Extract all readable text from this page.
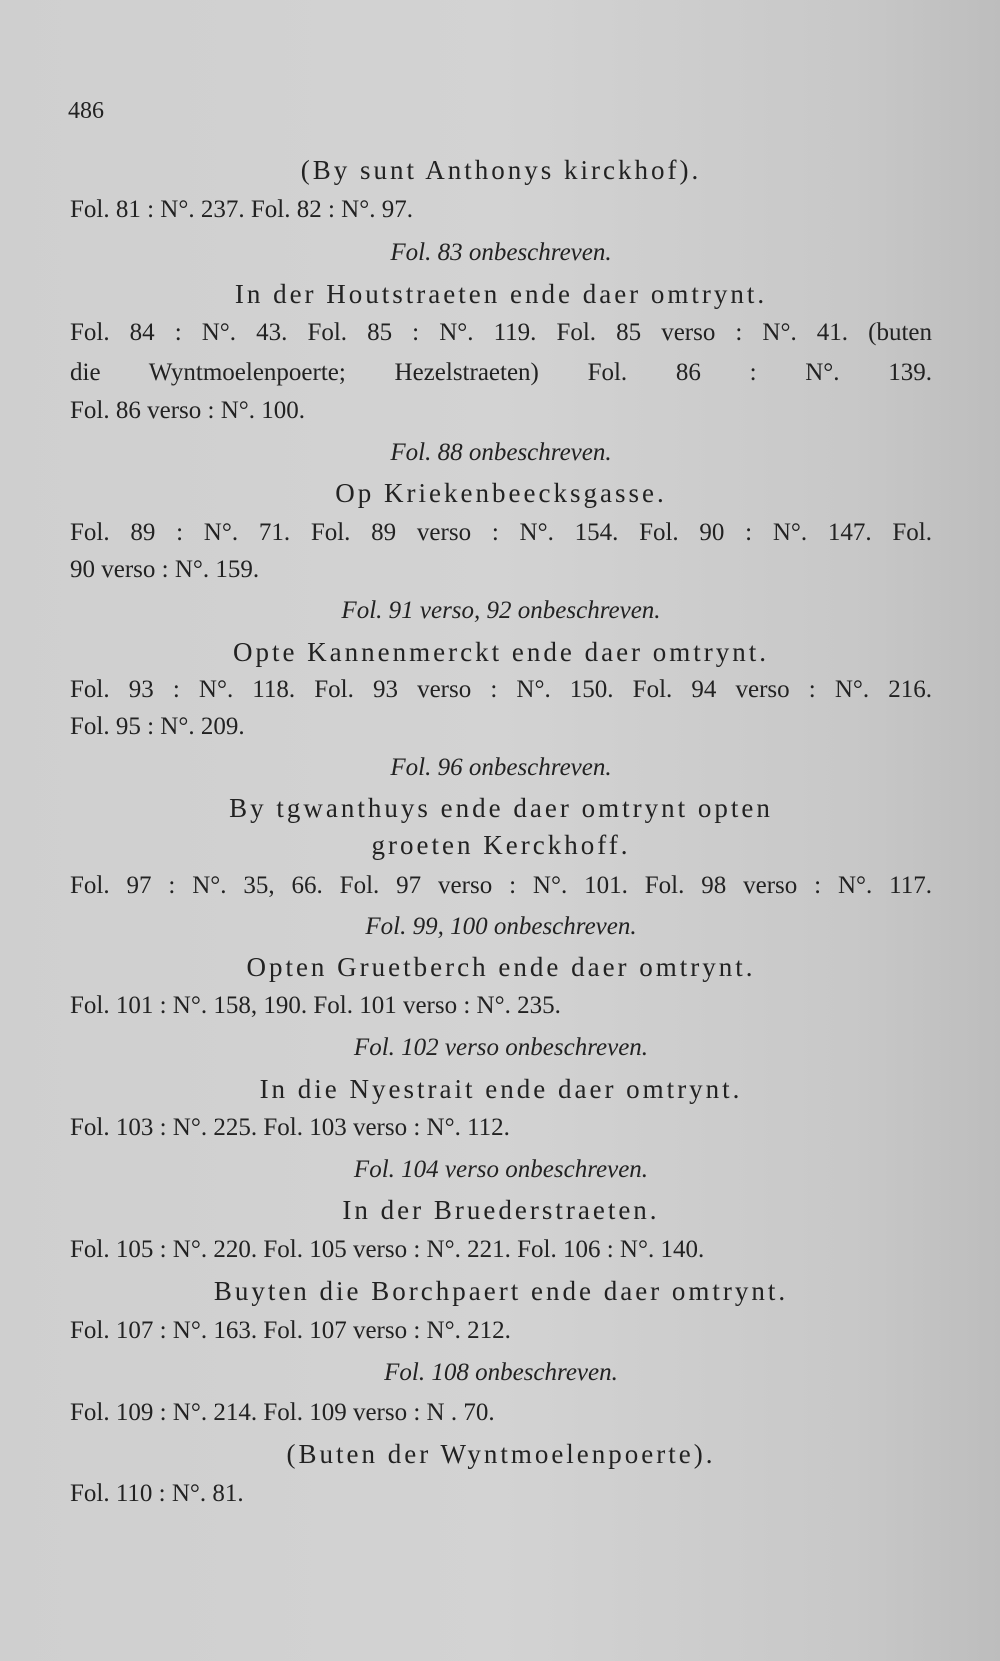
486
(By sunt Anthonys kirckhof).
Fol. 81 : N°. 237. Fol. 82 : N°. 97.
Fol. 83 onbeschreven.
In der Houtstraeten ende daer omtrynt.
Fol. 84 : N°. 43. Fol. 85 : N°. 119. Fol. 85 verso : N°. 41. (buten
die Wyntmoelenpoerte; Hezelstraeten) Fol. 86 : N°. 139.
Fol. 86 verso : N°. 100.
Fol. 88 onbeschreven.
Op Kriekenbeecksgasse.
Fol. 89 : N°. 71. Fol. 89 verso : N°. 154. Fol. 90 : N°. 147. Fol.
90 verso : N°. 159.
Fol. 91 verso, 92 onbeschreven.
Opte Kannenmerckt ende daer omtrynt.
Fol. 93 : N°. 118. Fol. 93 verso : N°. 150. Fol. 94 verso : N°. 216.
Fol. 95 : N°. 209.
Fol. 96 onbeschreven.
By tgwanthuys ende daer omtrynt opten
groeten Kerckhoff.
Fol. 97 : N°. 35, 66. Fol. 97 verso : N°. 101. Fol. 98 verso : N°. 117.
Fol. 99, 100 onbeschreven.
Opten Gruetberch ende daer omtrynt.
Fol. 101 : N°. 158, 190. Fol. 101 verso : N°. 235.
Fol. 102 verso onbeschreven.
In die Nyestrait ende daer omtrynt.
Fol. 103 : N°. 225. Fol. 103 verso : N°. 112.
Fol. 104 verso onbeschreven.
In der Bruederstraeten.
Fol. 105 : N°. 220. Fol. 105 verso : N°. 221. Fol. 106 : N°. 140.
Buyten die Borchpaert ende daer omtrynt.
Fol. 107 : N°. 163. Fol. 107 verso : N°. 212.
Fol. 108 onbeschreven.
Fol. 109 : N°. 214. Fol. 109 verso : N . 70.
(Buten der Wyntmoelenpoerte).
Fol. 110 : N°. 81.
